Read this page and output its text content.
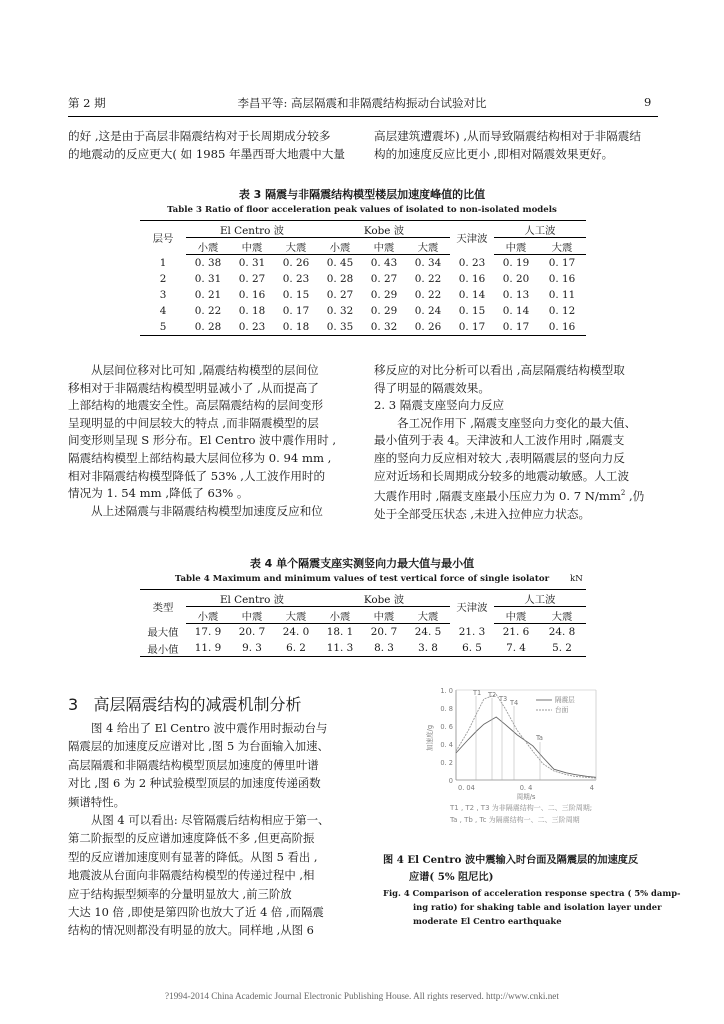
第 2 期	李昌平等: 高层隔震和非隔震结构振动台试验对比	9
的好 ,这是由于高层非隔震结构对于长周期成分较多
的地震动的反应更大( 如 1985 年墨西哥大地震中大量
高层建筑遭震坏) ,从而导致隔震结构相对于非隔震结
构的加速度反应比更小 ,即相对隔震效果更好。
表 3 隔震与非隔震结构模型楼层加速度峰值的比值
Table 3 Ratio of floor acceleration peak values of isolated to non-isolated models
层号	El Centro 波			Kobe 波			天津波	人工波	
	小震	中震	大震	小震	中震	大震		中震	大震
1	0. 38	0. 31	0. 26	0. 45	0. 43	0. 34	0. 23	0. 19	0. 17
2	0. 31	0. 27	0. 23	0. 28	0. 27	0. 22	0. 16	0. 20	0. 16
3	0. 21	0. 16	0. 15	0. 27	0. 29	0. 22	0. 14	0. 13	0. 11
4	0. 22	0. 18	0. 17	0. 32	0. 29	0. 24	0. 15	0. 14	0. 12
5	0. 28	0. 23	0. 18	0. 35	0. 32	0. 26	0. 17	0. 17	0. 16
从层间位移对比可知 ,隔震结构模型的层间位
移相对于非隔震结构模型明显减小了 ,从而提高了
上部结构的地震安全性。高层隔震结构的层间变形
呈现明显的中间层较大的特点 ,而非隔震模型的层
间变形则呈现 S 形分布。El Centro 波中震作用时 ,
隔震结构模型上部结构最大层间位移为 0. 94 mm ,
相对非隔震结构模型降低了 53% ,人工波作用时的
情况为 1. 54 mm ,降低了 63% 。
从上述隔震与非隔震结构模型加速度反应和位
移反应的对比分析可以看出 ,高层隔震结构模型取
得了明显的隔震效果。
2. 3 隔震支座竖向力反应
各工况作用下 ,隔震支座竖向力变化的最大值、
最小值列于表 4。天津波和人工波作用时 ,隔震支
座的竖向力反应相对较大 ,表明隔震层的竖向力反
应对近场和长周期成分较多的地震动敏感。人工波
大震作用时 ,隔震支座最小压应力为 0. 7 $N/mm^2$ ,仍
处于全部受压状态 ,未进入拉伸应力状态。
表 4 单个隔震支座实测竖向力最大值与最小值
Table 4 Maximum and minimum values of test vertical force of single isolator	kN
类型	El Centro 波			Kobe 波			天津波	人工波	
	小震	中震	大震	小震	中震	大震		中震	大震
最大值	17. 9	20. 7	24. 0	18. 1	20. 7	24. 5	21. 3	21. 6	24. 8
最小值	11. 9	9. 3	6. 2	11. 3	8. 3	3. 8	6. 5	7. 4	5. 2
3 高层隔震结构的减震机制分析
图 4 给出了 El Centro 波中震作用时振动台与
隔震层的加速度反应谱对比 ,图 5 为台面输入加速、
高层隔震和非隔震结构模型顶层加速度的傅里叶谱
对比 ,图 6 为 2 种试验模型顶层的加速度传递函数
频谱特性。
从图 4 可以看出: 尽管隔震后结构相应于第一、
第二阶振型的反应谱加速度降低不多 ,但更高阶振
型的反应谱加速度则有显著的降低。从图 5 看出 ,
地震波从台面向非隔震结构模型的传递过程中 ,相
应于结构振型频率的分量明显放大 ,前三阶放
大达 10 倍 ,即使是第四阶也放大了近 4 倍 ,而隔震
结构的情况则都没有明显的放大。同样地 ,从图 6
1. 0
0. 8
0. 6
0. 4
0. 2
0
0. 04	0. 4	4
周期/s
加速度/g
隔震层
台面
T1 T2 T3 T4
Ta
T1 , T2 , T3 为非隔震结构一、二、三阶周期;
Ta , Tb , Tc 为隔震结构一、二、三阶周期
图 4 El Centro 波中震输入时台面及隔震层的加速度反
应谱( 5% 阻尼比)
Fig. 4 Comparison of acceleration response spectra ( 5% damp-
ing ratio) for shaking table and isolation layer under
moderate El Centro earthquake
?1994-2014 China Academic Journal Electronic Publishing House. All rights reserved. http://www.cnki.net
